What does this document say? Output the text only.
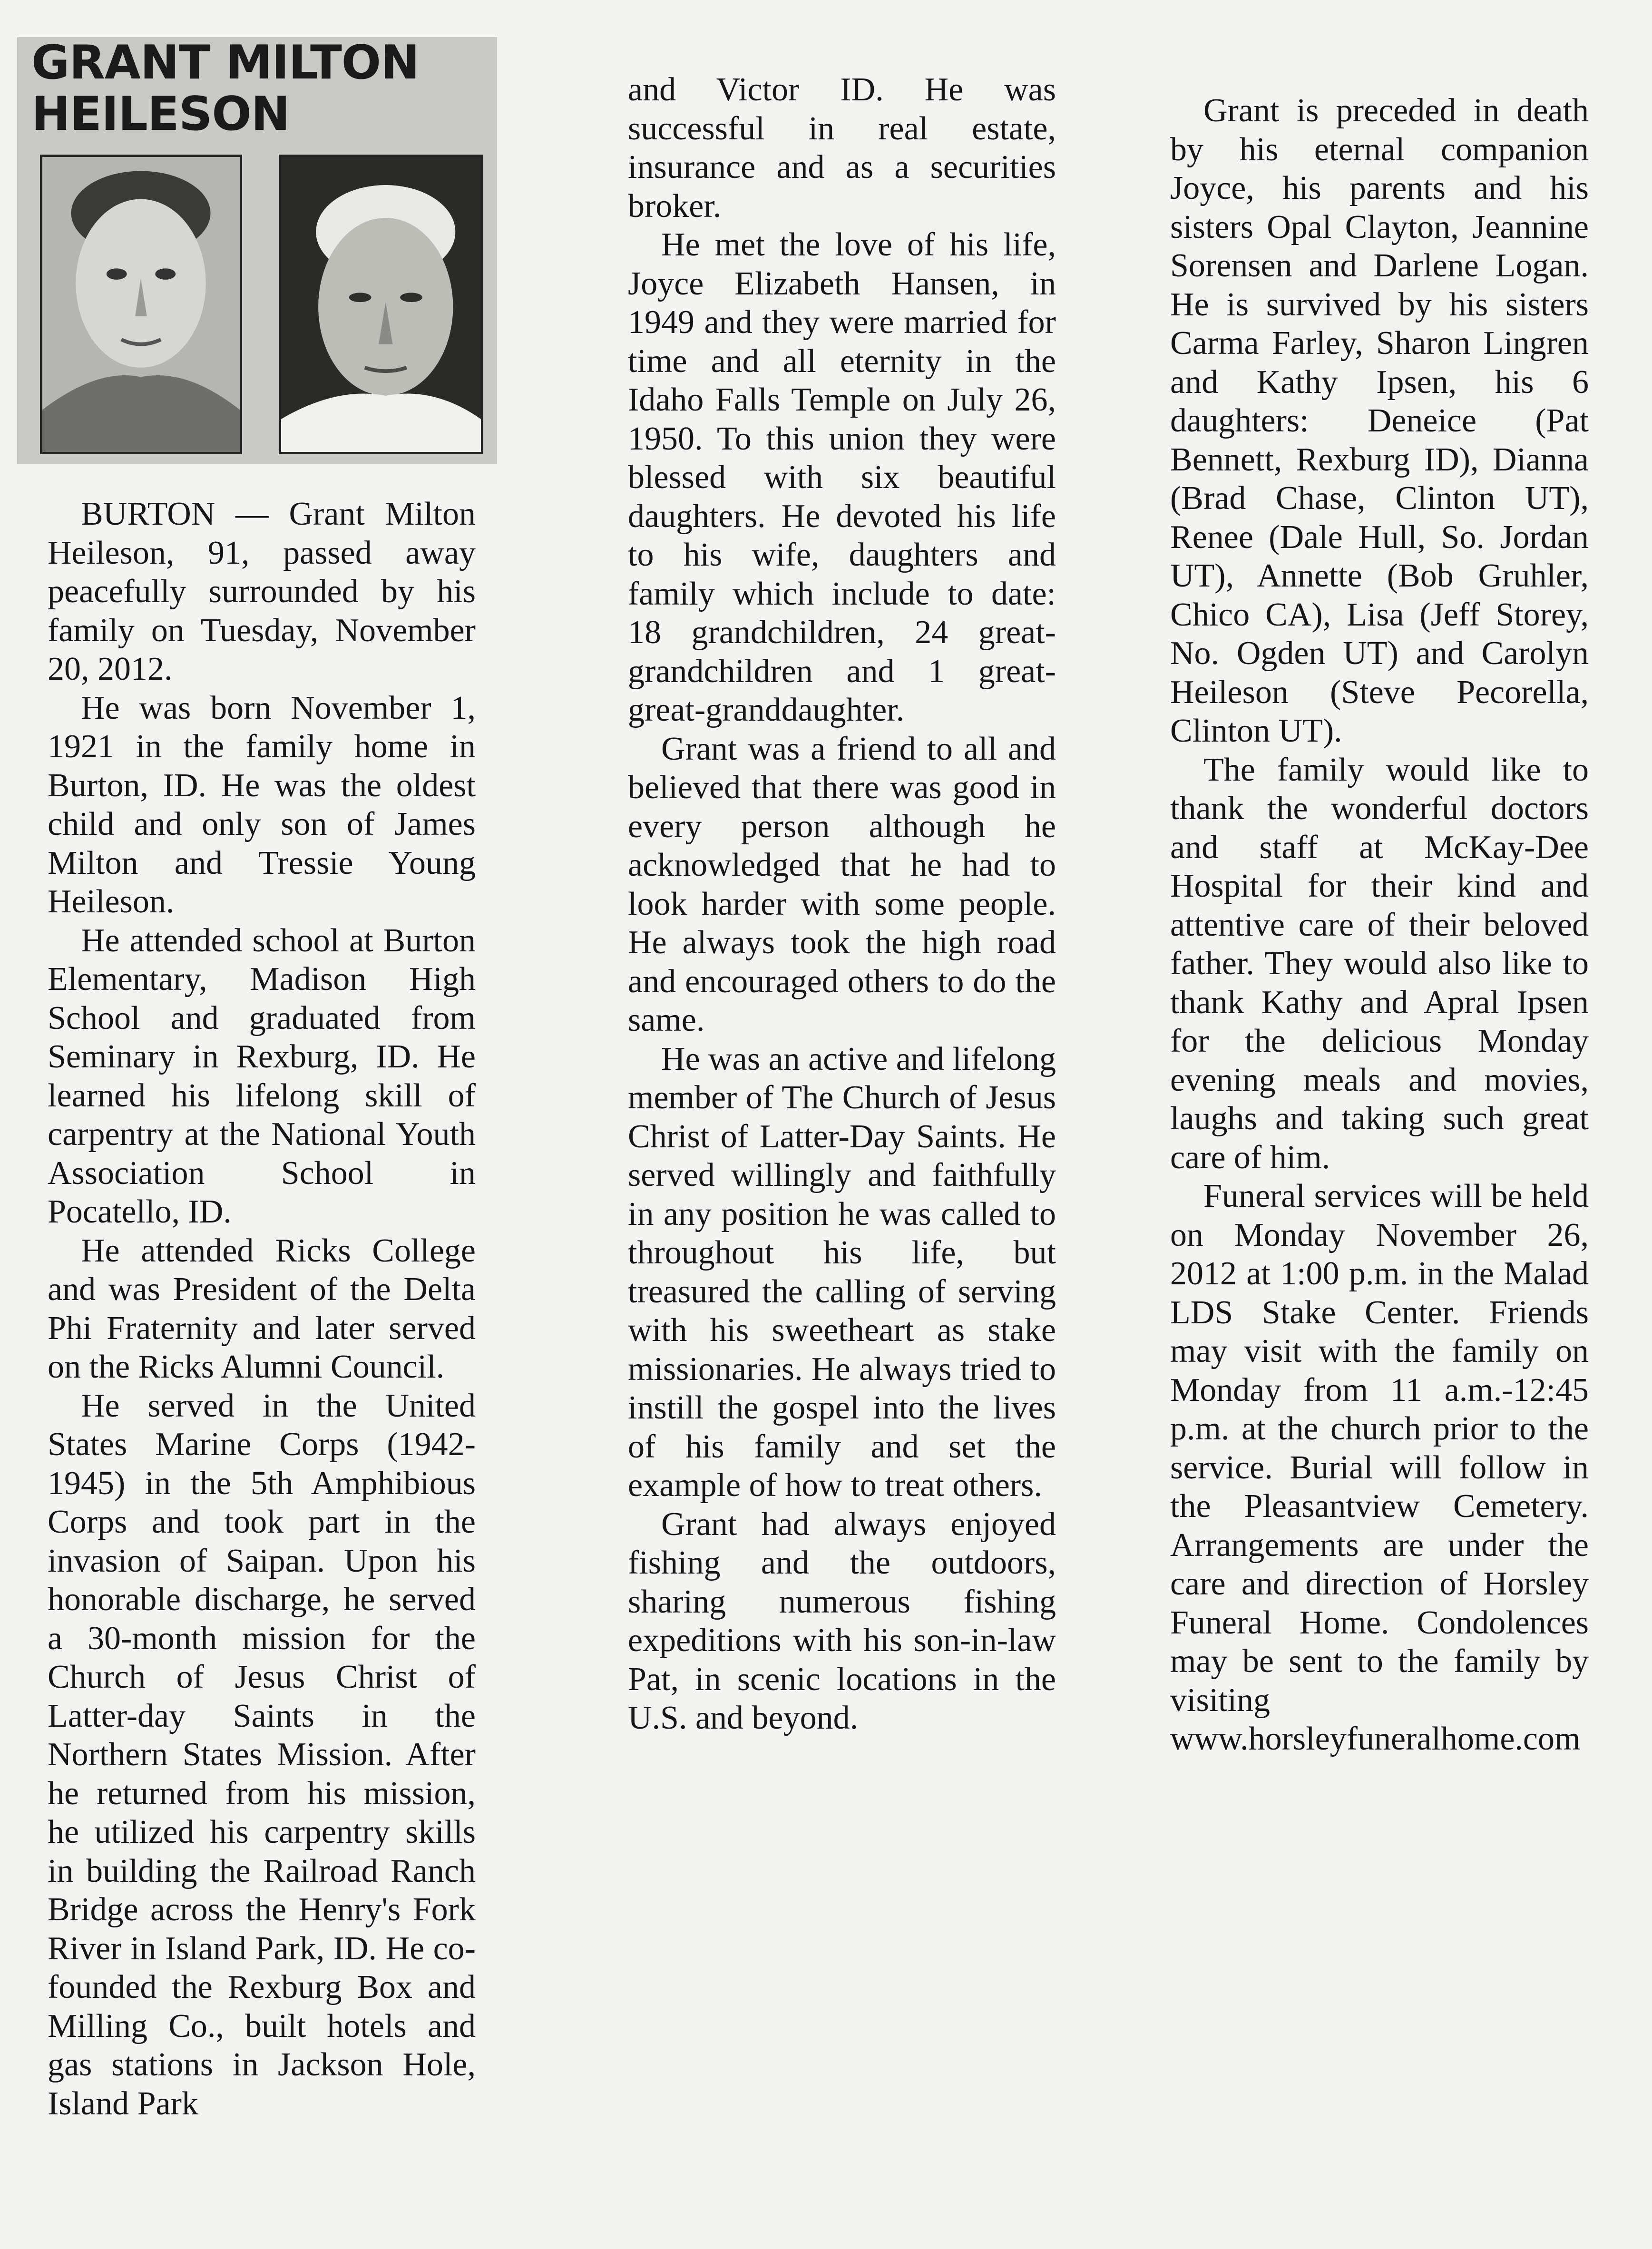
GRANT MILTON
HEILESON

BURTON — Grant Milton Heileson, 91, passed away peacefully surrounded by his family on Tuesday, November 20, 2012.

He was born November 1, 1921 in the family home in Burton, ID. He was the oldest child and only son of James Milton and Tressie Young Heileson.

He attended school at Burton Elementary, Madison High School and graduated from Seminary in Rexburg, ID. He learned his lifelong skill of carpentry at the National Youth Association School in Pocatello, ID.

He attended Ricks College and was President of the Delta Phi Fraternity and later served on the Ricks Alumni Council.

He served in the United States Marine Corps (1942-1945) in the 5th Amphibious Corps and took part in the invasion of Saipan. Upon his honorable discharge, he served a 30-month mission for the Church of Jesus Christ of Latter-day Saints in the Northern States Mission. After he returned from his mission, he utilized his carpentry skills in building the Railroad Ranch Bridge across the Henry's Fork River in Island Park, ID. He co-founded the Rexburg Box and Milling Co., built hotels and gas stations in Jackson Hole, Island Park

and Victor ID. He was successful in real estate, insurance and as a securities broker.

He met the love of his life, Joyce Elizabeth Hansen, in 1949 and they were married for time and all eternity in the Idaho Falls Temple on July 26, 1950. To this union they were blessed with six beautiful daughters. He devoted his life to his wife, daughters and family which include to date: 18 grandchildren, 24 great-grandchildren and 1 great-great-granddaughter.

Grant was a friend to all and believed that there was good in every person although he acknowledged that he had to look harder with some people. He always took the high road and encouraged others to do the same.

He was an active and lifelong member of The Church of Jesus Christ of Latter-Day Saints. He served willingly and faithfully in any position he was called to throughout his life, but treasured the calling of serving with his sweetheart as stake missionaries. He always tried to instill the gospel into the lives of his family and set the example of how to treat others.

Grant had always enjoyed fishing and the outdoors, sharing numerous fishing expeditions with his son-in-law Pat, in scenic locations in the U.S. and beyond.

Grant is preceded in death by his eternal companion Joyce, his parents and his sisters Opal Clayton, Jeannine Sorensen and Darlene Logan. He is survived by his sisters Carma Farley, Sharon Lingren and Kathy Ipsen, his 6 daughters: Deneice (Pat Bennett, Rexburg ID), Dianna (Brad Chase, Clinton UT), Renee (Dale Hull, So. Jordan UT), Annette (Bob Gruhler, Chico CA), Lisa (Jeff Storey, No. Ogden UT) and Carolyn Heileson (Steve Pecorella, Clinton UT).

The family would like to thank the wonderful doctors and staff at McKay-Dee Hospital for their kind and attentive care of their beloved father. They would also like to thank Kathy and Apral Ipsen for the delicious Monday evening meals and movies, laughs and taking such great care of him.

Funeral services will be held on Monday November 26, 2012 at 1:00 p.m. in the Malad LDS Stake Center. Friends may visit with the family on Monday from 11 a.m.-12:45 p.m. at the church prior to the service. Burial will follow in the Pleasantview Cemetery. Arrangements are under the care and direction of Horsley Funeral Home. Condolences may be sent to the family by visiting www.horsleyfuneralhome.com
